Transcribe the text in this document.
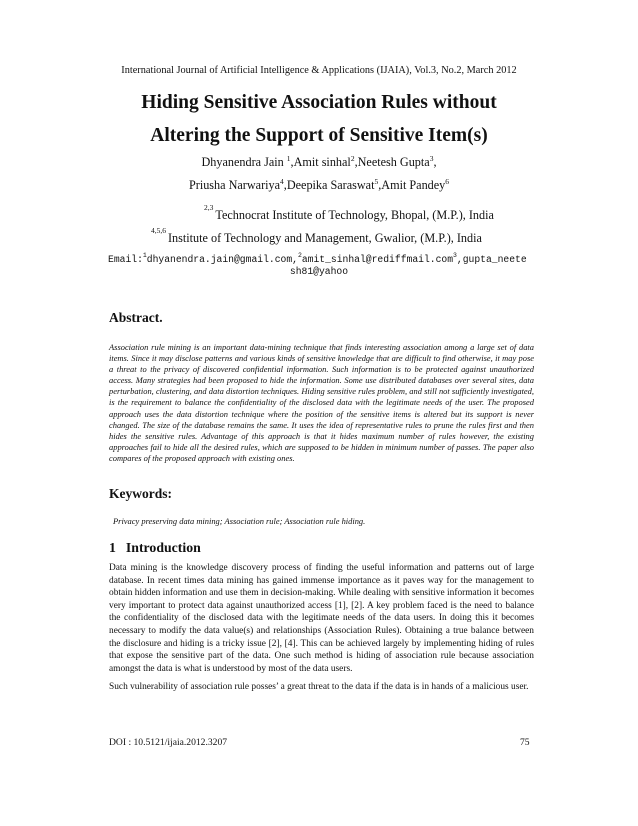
International Journal of Artificial Intelligence & Applications (IJAIA), Vol.3, No.2, March 2012
Hiding Sensitive Association Rules without
Altering the Support of Sensitive Item(s)
Dhyanendra Jain $^1$,Amit sinhal$^2$,Neetesh Gupta$^3$,
Priusha Narwariya$^4$,Deepika Saraswat$^5$,Amit Pandey$^6$
$^{2,3}$Technocrat Institute of Technology, Bhopal, (M.P.), India
$^{4,5,6}$Institute of Technology and Management, Gwalior, (M.P.), India
Email:$^1$dhyanendra.jain@gmail.com,$^2$amit_sinhal@rediffmail.com$^3$,gupta_neete
sh81@yahoo
Abstract.
Association rule mining is an important data-mining technique that finds interesting association among a large set of data items. Since it may disclose patterns and various kinds of sensitive knowledge that are difficult to find otherwise, it may pose a threat to the privacy of discovered confidential information. Such information is to be protected against unauthorized access. Many strategies had been proposed to hide the information. Some use distributed databases over several sites, data perturbation, clustering, and data distortion techniques. Hiding sensitive rules problem, and still not sufficiently investigated, is the requirement to balance the confidentiality of the disclosed data with the legitimate needs of the user. The proposed approach uses the data distortion technique where the position of the sensitive items is altered but its support is never changed. The size of the database remains the same. It uses the idea of representative rules to prune the rules first and then hides the sensitive rules. Advantage of this approach is that it hides maximum number of rules however, the existing approaches fail to hide all the desired rules, which are supposed to be hidden in minimum number of passes. The paper also compares of the proposed approach with existing ones.
Keywords:
Privacy preserving data mining; Association rule; Association rule hiding.
1 Introduction

Data mining is the knowledge discovery process of finding the useful information and patterns out of large database. In recent times data mining has gained immense importance as it paves way for the management to obtain hidden information and use them in decision-making. While dealing with sensitive information it becomes very important to protect data against unauthorized access [1], [2]. A key problem faced is the need to balance the confidentiality of the disclosed data with the legitimate needs of the data users. In doing this it becomes necessary to modify the data value(s) and relationships (Association Rules). Obtaining a true balance between the disclosure and hiding is a tricky issue [2], [4]. This can be achieved largely by implementing hiding of rules that expose the sensitive part of the data. One such method is hiding of association rule because association amongst the data is what is understood by most of the data users.

Such vulnerability of association rule posses’ a great threat to the data if the data is in hands of a malicious user.

DOI : 10.5121/ijaia.2012.3207	75
